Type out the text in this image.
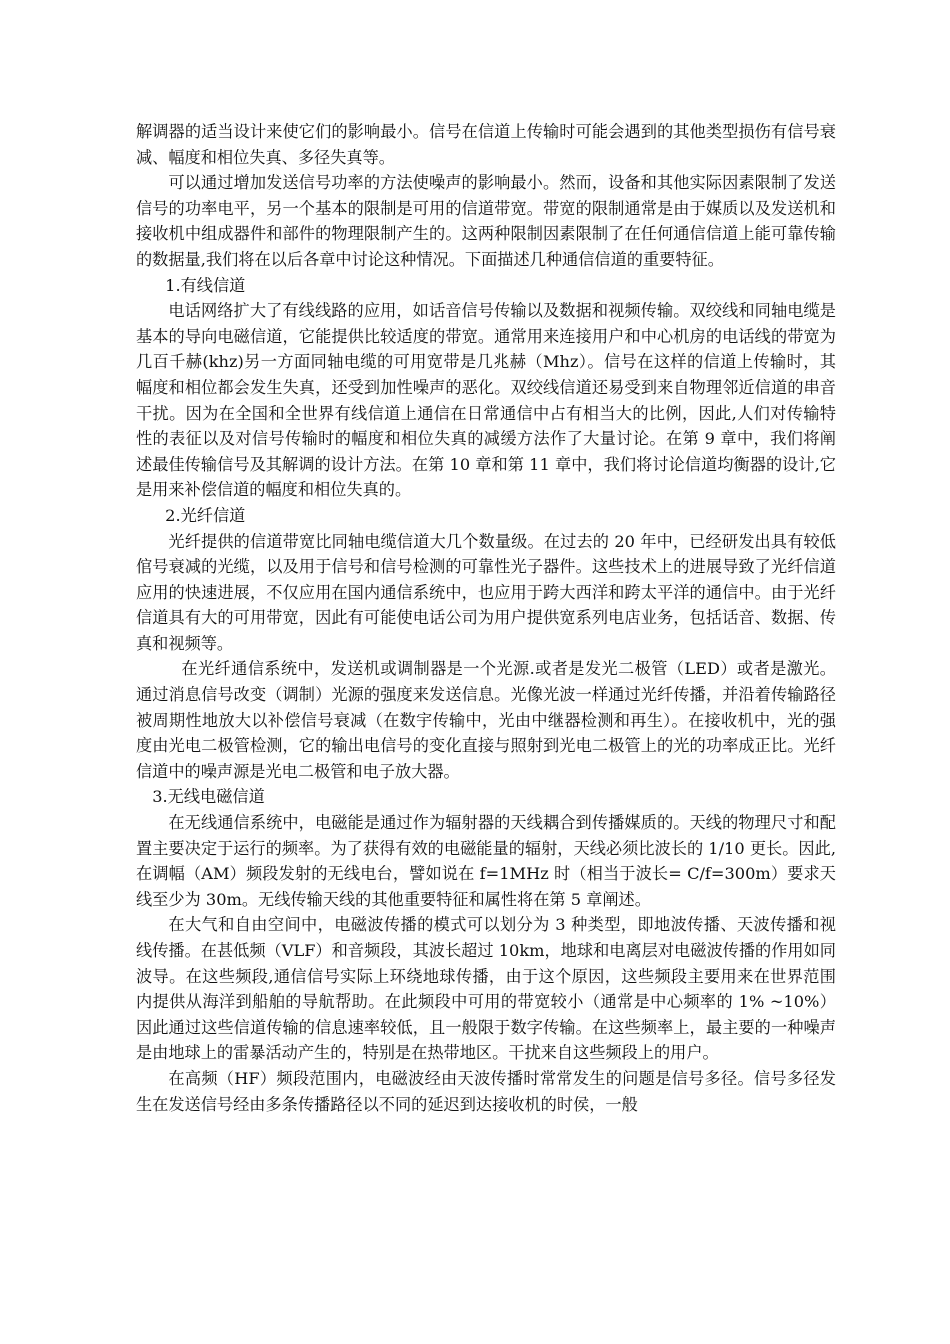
解调器的适当设计来使它们的影响最小。信号在信道上传输时可能会遇到的其他类型损伤有信号衰减、幅度和相位失真、多径失真等。

可以通过增加发送信号功率的方法使噪声的影响最小。然而，设备和其他实际因素限制了发送信号的功率电平，另一个基本的限制是可用的信道带宽。带宽的限制通常是由于媒质以及发送机和接收机中组成器件和部件的物理限制产生的。这两种限制因素限制了在任何通信信道上能可靠传输的数据量,我们将在以后各章中讨论这种情况。下面描述几种通信信道的重要特征。

1.有线信道

电话网络扩大了有线线路的应用，如话音信号传输以及数据和视频传输。双绞线和同轴电缆是基本的导向电磁信道，它能提供比较适度的带宽。通常用来连接用户和中心机房的电话线的带宽为几百千赫(khz)另一方面同轴电缆的可用宽带是几兆赫（Mhz）。信号在这样的信道上传输时，其幅度和相位都会发生失真，还受到加性噪声的恶化。双绞线信道还易受到来自物理邻近信道的串音干扰。因为在全国和全世界有线信道上通信在日常通信中占有相当大的比例，因此,人们对传输特性的表征以及对信号传输时的幅度和相位失真的减缓方法作了大量讨论。在第 9 章中，我们将阐述最佳传输信号及其解调的设计方法。在第 10 章和第 11 章中，我们将讨论信道均衡器的设计,它是用来补偿信道的幅度和相位失真的。

2.光纤信道

光纤提供的信道带宽比同轴电缆信道大几个数量级。在过去的 20 年中，已经研发出具有较低倌号衰减的光缆，以及用于信号和信号检测的可靠性光子器件。这些技术上的进展导致了光纤信道应用的快速进展，不仅应用在国内通信系统中，也应用于跨大西洋和跨太平洋的通信中。由于光纤信道具有大的可用带宽，因此有可能使电话公司为用户提供宽系列电店业务，包括话音、数据、传真和视频等。

在光纤通信系统中，发送机或调制器是一个光源.或者是发光二极管（LED）或者是激光。通过消息信号改变（调制）光源的强度来发送信息。光像光波一样通过光纤传播，并沿着传输路径被周期性地放大以补偿信号衰减（在数宇传输中，光由中继器检测和再生）。在接收机中，光的强度由光电二极管检测，它的输出电信号的变化直接与照射到光电二极管上的光的功率成正比。光纤信道中的噪声源是光电二极管和电子放大器。

3.无线电磁信道

在无线通信系统中，电磁能是通过作为辐射器的天线耦合到传播媒质的。天线的物理尺寸和配置主要决定于运行的频率。为了获得有效的电磁能量的辐射，天线必须比波长的 1/10 更长。因此,在调幅（AM）频段发射的无线电台，譬如说在 f=1MHz 时（相当于波长= C/f=300m）要求天线至少为 30m。无线传输天线的其他重要特征和属性将在第 5 章阐述。

在大气和自由空间中，电磁波传播的模式可以划分为 3 种类型，即地波传播、天波传播和视线传播。在甚低频（VLF）和音频段，其波长超过 10km，地球和电离层对电磁波传播的作用如同波导。在这些频段,通信信号实际上环绕地球传播，由于这个原因，这些频段主要用来在世界范围内提供从海洋到船舶的导航帮助。在此频段中可用的带宽较小（通常是中心频率的 1% ~10%）因此通过这些信道传输的信息速率较低，且一般限于数字传输。在这些频率上，最主要的一种噪声是由地球上的雷暴活动产生的，特别是在热带地区。干扰来自这些频段上的用户。

在高频（HF）频段范围内，电磁波经由天波传播时常常发生的问题是信号多径。信号多径发生在发送信号经由多条传播路径以不同的延迟到达接收机的时侯，一般
